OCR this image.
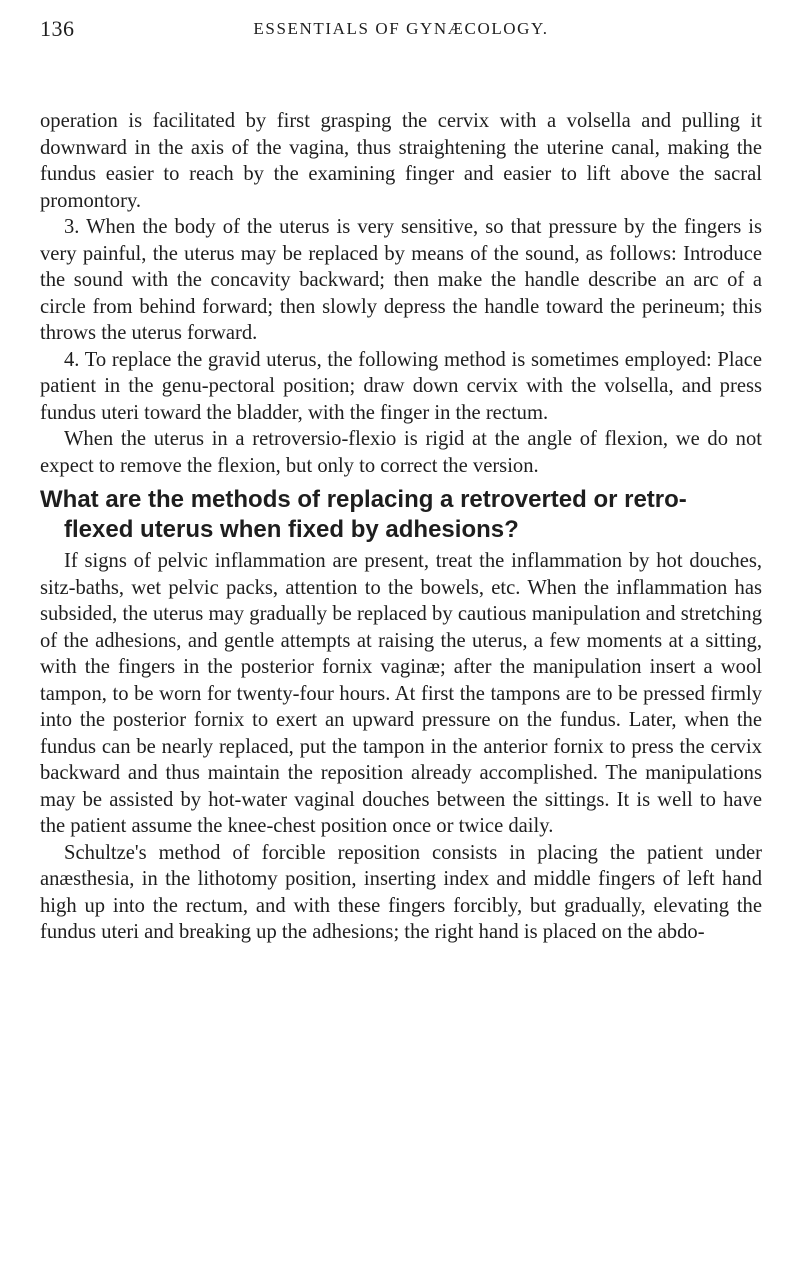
136	ESSENTIALS OF GYNÆCOLOGY.

operation is facilitated by first grasping the cervix with a volsella and pulling it downward in the axis of the vagina, thus straightening the uterine canal, making the fundus easier to reach by the examining finger and easier to lift above the sacral promontory.

3. When the body of the uterus is very sensitive, so that pressure by the fingers is very painful, the uterus may be replaced by means of the sound, as follows: Introduce the sound with the concavity backward; then make the handle describe an arc of a circle from behind forward; then slowly depress the handle toward the perineum; this throws the uterus forward.

4. To replace the gravid uterus, the following method is sometimes employed: Place patient in the genu-pectoral position; draw down cervix with the volsella, and press fundus uteri toward the bladder, with the finger in the rectum.

When the uterus in a retroversio-flexio is rigid at the angle of flexion, we do not expect to remove the flexion, but only to correct the version.

What are the methods of replacing a retroverted or retro-
flexed uterus when fixed by adhesions?

If signs of pelvic inflammation are present, treat the inflammation by hot douches, sitz-baths, wet pelvic packs, attention to the bowels, etc. When the inflammation has subsided, the uterus may gradually be replaced by cautious manipulation and stretching of the adhesions, and gentle attempts at raising the uterus, a few moments at a sitting, with the fingers in the posterior fornix vaginæ; after the manipulation insert a wool tampon, to be worn for twenty-four hours. At first the tampons are to be pressed firmly into the posterior fornix to exert an upward pressure on the fundus. Later, when the fundus can be nearly replaced, put the tampon in the anterior fornix to press the cervix backward and thus maintain the reposition already accomplished. The manipulations may be assisted by hot-water vaginal douches between the sittings. It is well to have the patient assume the knee-chest position once or twice daily.

Schultze's method of forcible reposition consists in placing the patient under anæsthesia, in the lithotomy position, inserting index and middle fingers of left hand high up into the rectum, and with these fingers forcibly, but gradually, elevating the fundus uteri and breaking up the adhesions; the right hand is placed on the abdo-
